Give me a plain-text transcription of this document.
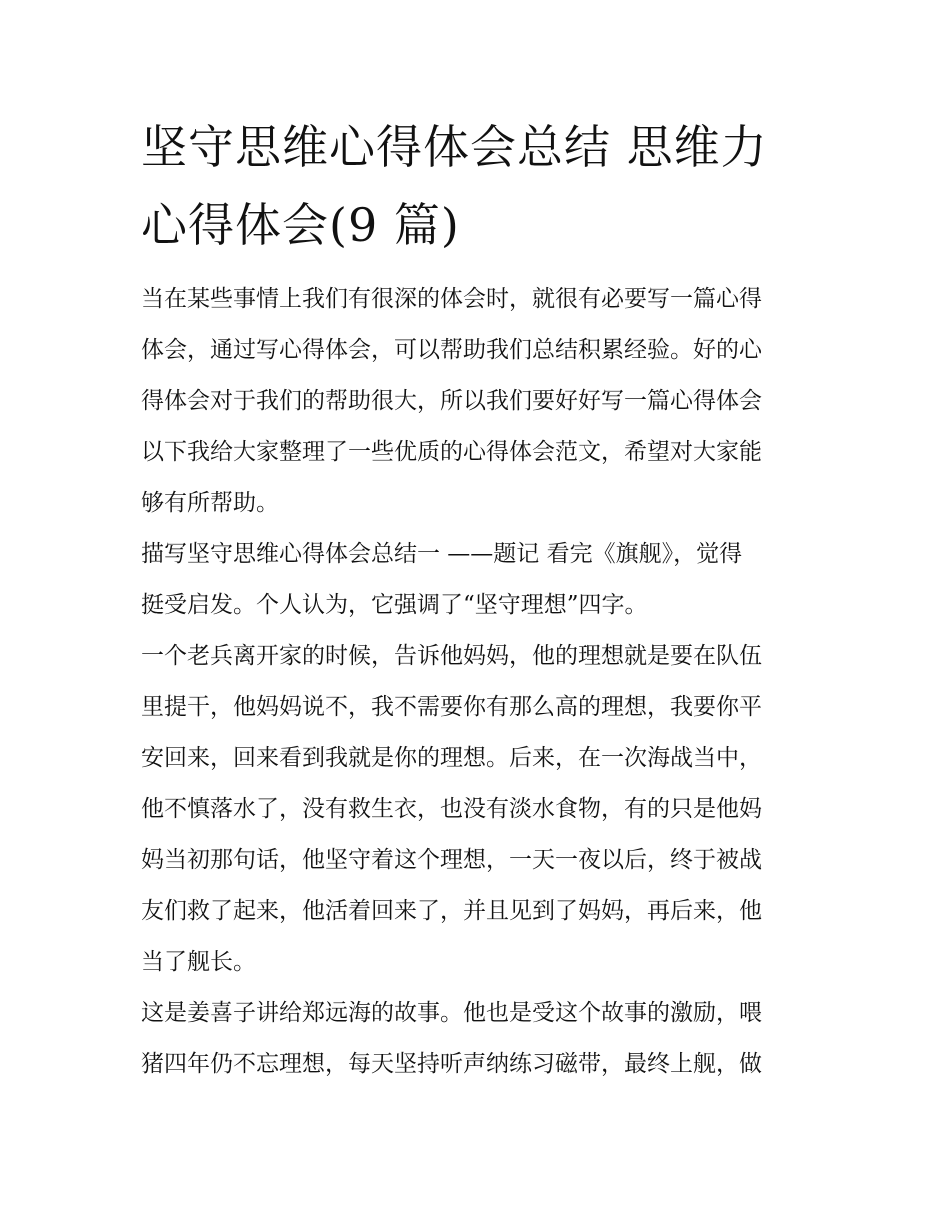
坚守思维心得体会总结 思维力
心得体会(9 篇)

当在某些事情上我们有很深的体会时，就很有必要写一篇心得
体会，通过写心得体会，可以帮助我们总结积累经验。好的心
得体会对于我们的帮助很大，所以我们要好好写一篇心得体会
以下我给大家整理了一些优质的心得体会范文，希望对大家能
够有所帮助。

描写坚守思维心得体会总结一 ——题记 看完《旗舰》，觉得
挺受启发。个人认为，它强调了“坚守理想”四字。

一个老兵离开家的时候，告诉他妈妈，他的理想就是要在队伍
里提干，他妈妈说不，我不需要你有那么高的理想，我要你平
安回来，回来看到我就是你的理想。后来，在一次海战当中，
他不慎落水了，没有救生衣，也没有淡水食物，有的只是他妈
妈当初那句话，他坚守着这个理想，一天一夜以后，终于被战
友们救了起来，他活着回来了，并且见到了妈妈，再后来，他
当了舰长。

这是姜喜子讲给郑远海的故事。他也是受这个故事的激励，喂
猪四年仍不忘理想，每天坚持听声纳练习磁带，最终上舰，做
